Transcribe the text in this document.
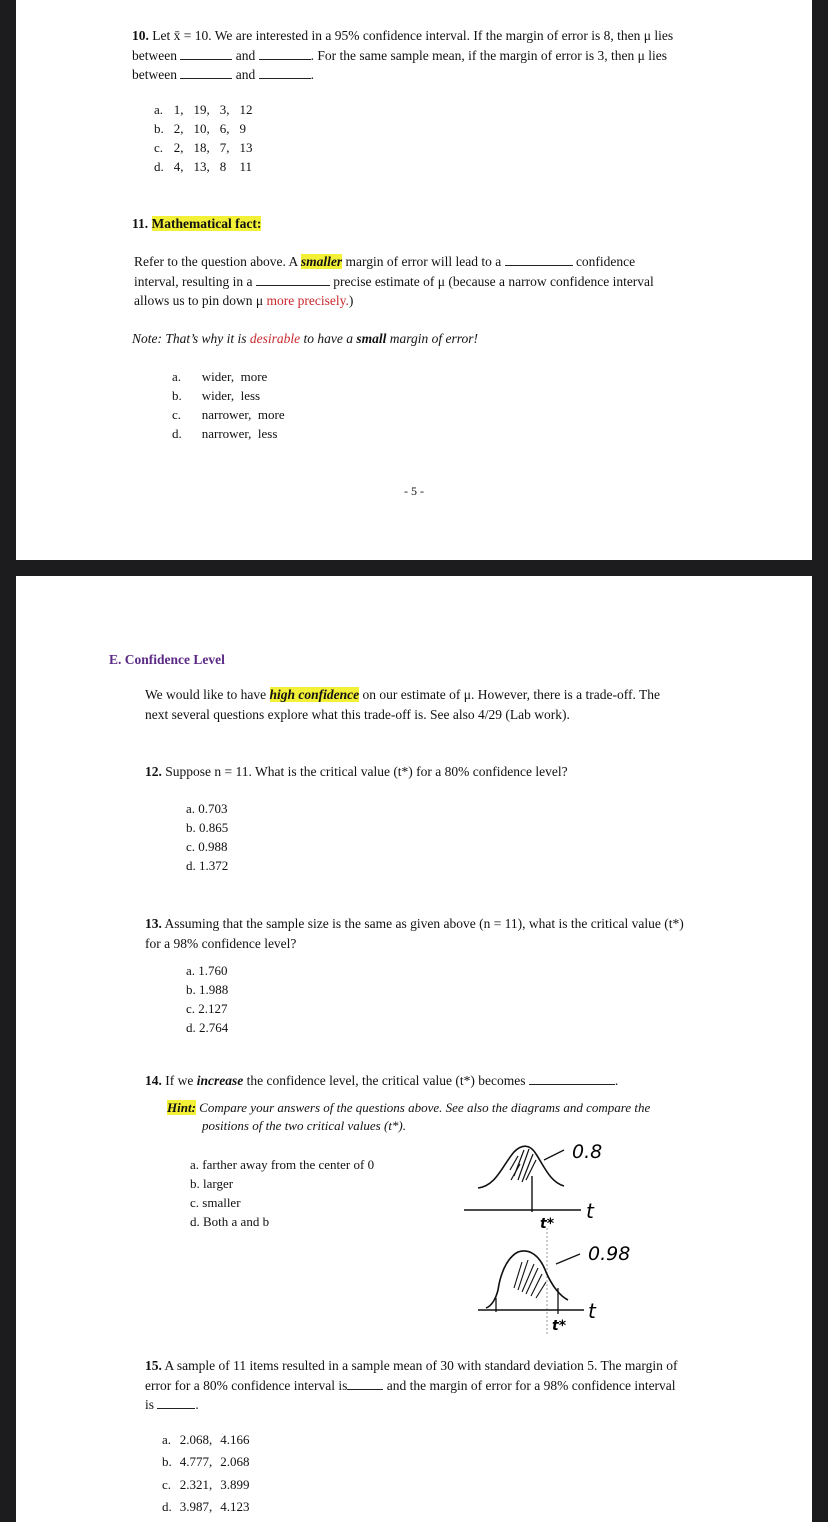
10. Let x̄ = 10. We are interested in a 95% confidence interval. If the margin of error is 8, then μ lies
between	and	. For the same sample mean, if the margin of error is 3, then μ lies
between	and	.
a.	1,	19,	3,	12
b.	2,	10,	6,	9
c.	2,	18,	7,	13
d.	4,	13,	8	11
11. Mathematical fact:
Refer to the question above. A smaller margin of error will lead to a	confidence
interval, resulting in a	precise estimate of μ (because a narrow confidence interval
allows us to pin down μ more precisely.)
Note: That’s why it is desirable to have a small margin of error!
a.	wider,  more
b.	wider,  less
c.	narrower,  more
d.	narrower,  less
- 5 -
E. Confidence Level
We would like to have high confidence on our estimate of μ. However, there is a trade-off. The
next several questions explore what this trade-off is. See also 4/29 (Lab work).
12. Suppose n = 11. What is the critical value (t*) for a 80% confidence level?
a. 0.703
b. 0.865
c. 0.988
d. 1.372
13. Assuming that the sample size is the same as given above (n = 11), what is the critical value (t*)
for a 98% confidence level?
a. 1.760
b. 1.988
c. 2.127
d. 2.764
14. If we increase the confidence level, the critical value (t*) becomes	.
Hint: Compare your answers of the questions above. See also the diagrams and compare the
positions of the two critical values (t*).
a. farther away from the center of 0
b. larger
c. smaller
d. Both a and b
0.8
t
t*
0.98
t
t*
15. A sample of 11 items resulted in a sample mean of 30 with standard deviation 5. The margin of
error for a 80% confidence interval is	and the margin of error for a 98% confidence interval
is	.
a.	2.068,	4.166
b.	4.777,	2.068
c.	2.321,	3.899
d.	3.987,	4.123
